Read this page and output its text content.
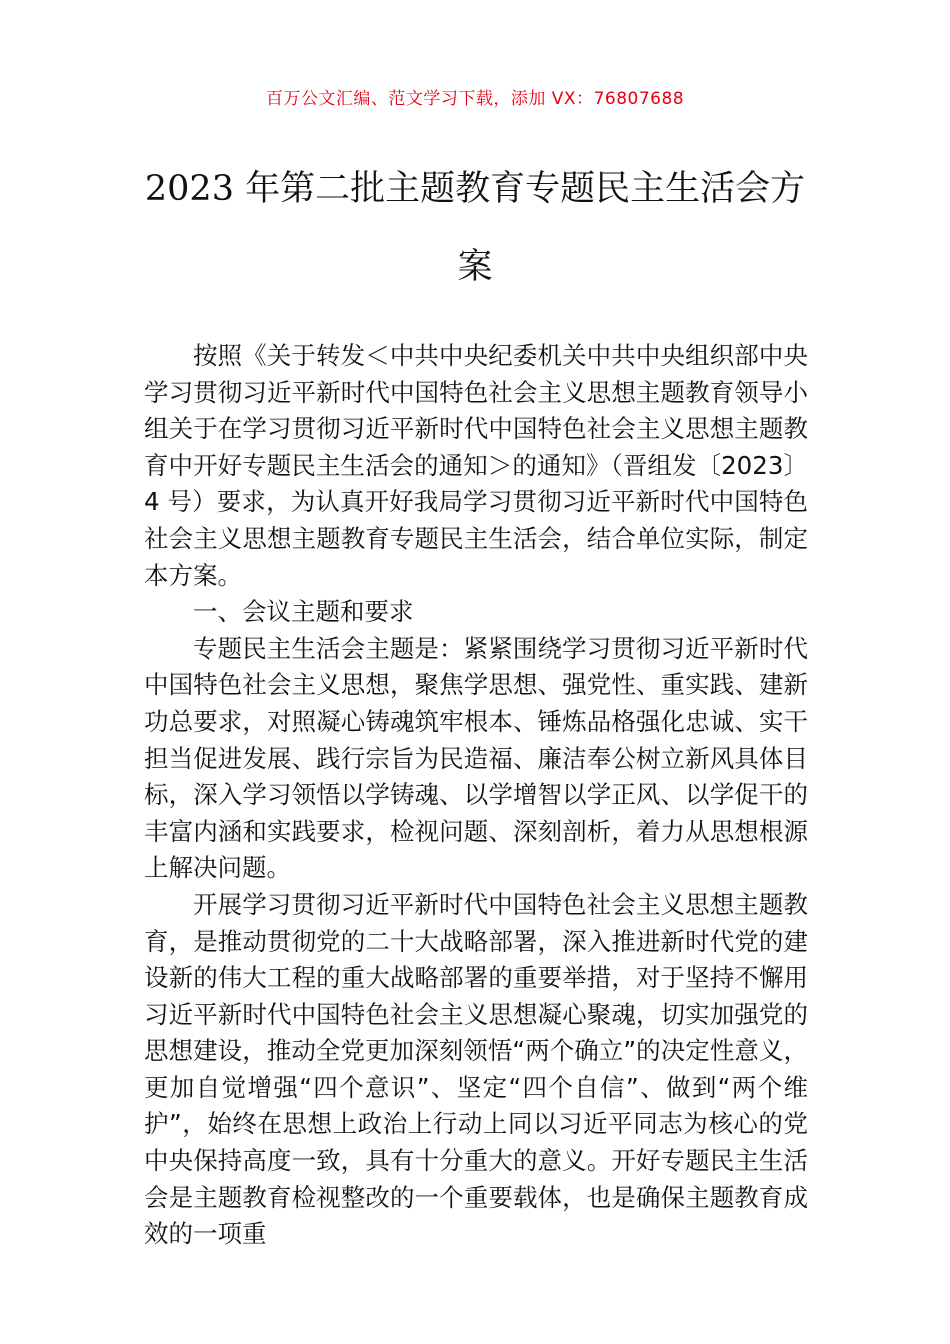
百万公文汇编、范文学习下载，添加 VX：76807688
2023 年第二批主题教育专题民主生活会方案

按照《关于转发＜中共中央纪委机关中共中央组织部中央学习贯彻习近平新时代中国特色社会主义思想主题教育领导小组关于在学习贯彻习近平新时代中国特色社会主义思想主题教育中开好专题民主生活会的通知＞的通知》（晋组发〔2023〕4 号）要求，为认真开好我局学习贯彻习近平新时代中国特色社会主义思想主题教育专题民主生活会，结合单位实际，制定本方案。

一、会议主题和要求

专题民主生活会主题是：紧紧围绕学习贯彻习近平新时代中国特色社会主义思想，聚焦学思想、强党性、重实践、建新功总要求，对照凝心铸魂筑牢根本、锤炼品格强化忠诚、实干担当促进发展、践行宗旨为民造福、廉洁奉公树立新风具体目标，深入学习领悟以学铸魂、以学增智以学正风、以学促干的丰富内涵和实践要求，检视问题、深刻剖析，着力从思想根源上解决问题。

开展学习贯彻习近平新时代中国特色社会主义思想主题教育，是推动贯彻党的二十大战略部署，深入推进新时代党的建设新的伟大工程的重大战略部署的重要举措，对于坚持不懈用习近平新时代中国特色社会主义思想凝心聚魂，切实加强党的思想建设，推动全党更加深刻领悟“两个确立”的决定性意义，更加自觉增强“四个意识”、坚定“四个自信”、做到“两个维护”，始终在思想上政治上行动上同以习近平同志为核心的党中央保持高度一致，具有十分重大的意义。开好专题民主生活会是主题教育检视整改的一个重要载体，也是确保主题教育成效的一项重
